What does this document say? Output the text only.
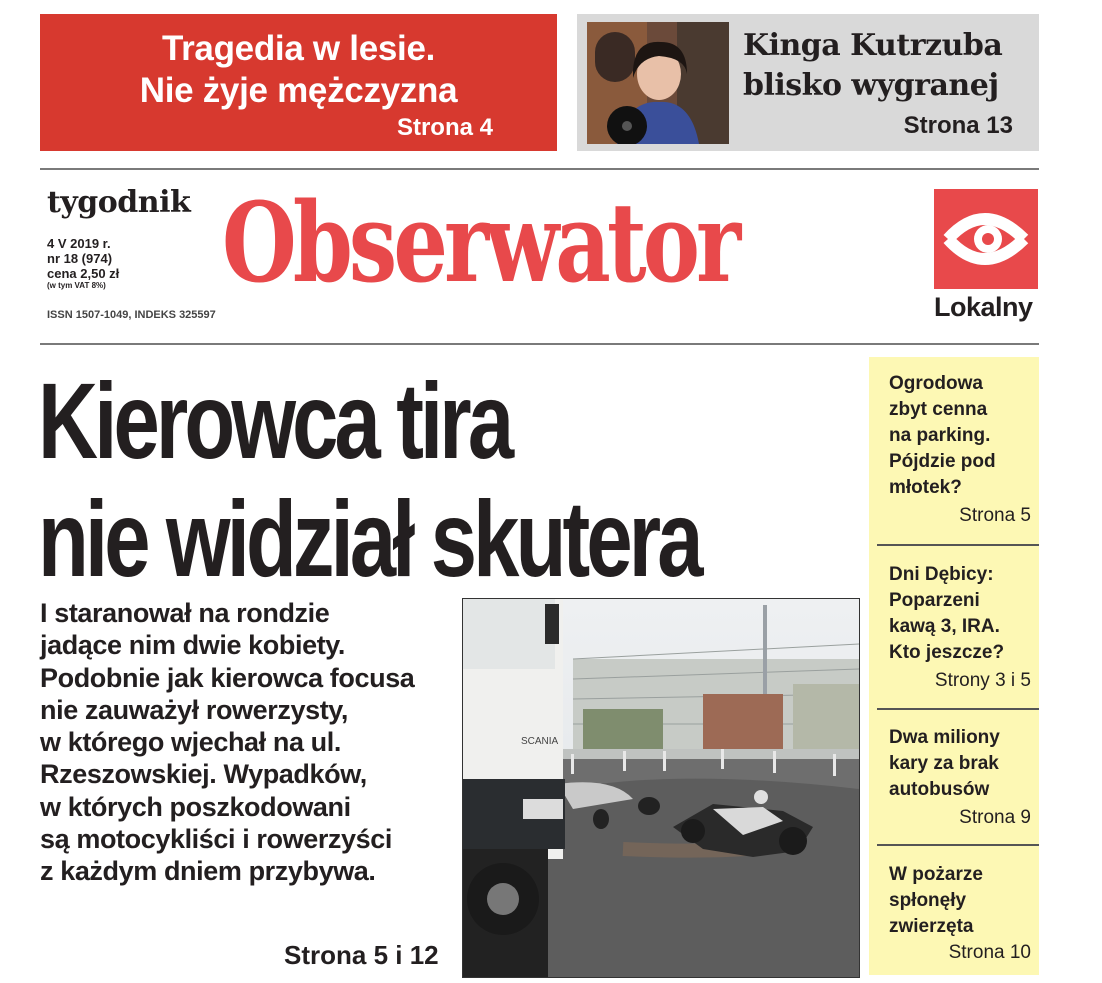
Tragedia w lesie.
Nie żyje mężczyzna
Strona 4
Kinga Kutrzuba
blisko wygranej
Strona 13
tygodnik
4 V 2019 r.
nr 18 (974)
cena 2,50 zł
(w tym VAT 8%)
ISSN 1507-1049, INDEKS 325597
Obserwator	Lokalny
Kierowca tira
nie widział skutera
I staranował na rondzie
jadące nim dwie kobiety.
Podobnie jak kierowca focusa
nie zauważył rowerzysty,
w którego wjechał na ul.
Rzeszowskiej. Wypadków,
w których poszkodowani
są motocykliści i rowerzyści
z każdym dniem przybywa.
Strona 5 i 12
SCANIA
Ogrodowa
zbyt cenna
na parking.
Pójdzie pod
młotek?
Strona 5
Dni Dębicy:
Poparzeni
kawą 3, IRA.
Kto jeszcze?
Strony 3 i 5
Dwa miliony
kary za brak
autobusów
Strona 9
W pożarze
spłonęły
zwierzęta
Strona 10
